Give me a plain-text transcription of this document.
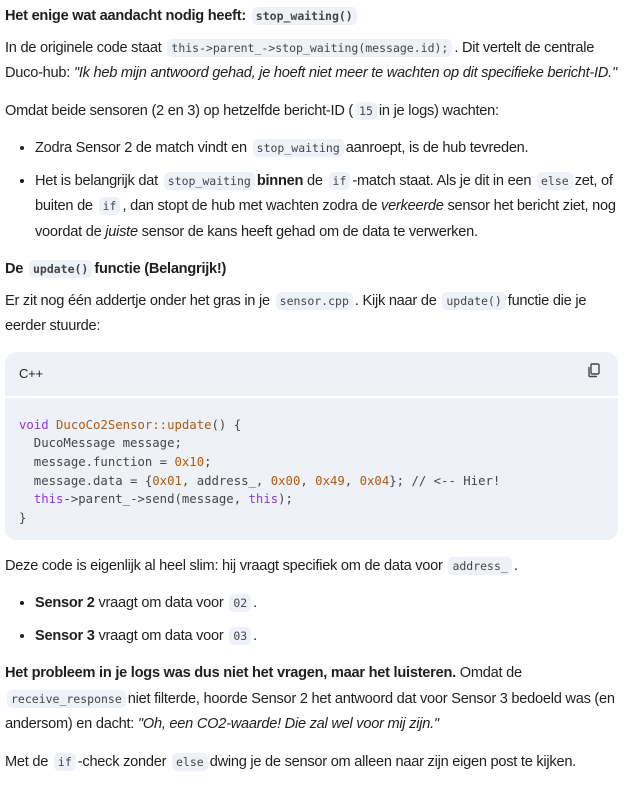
Het enige wat aandacht nodig heeft: stop_waiting()

In de originele code staat this->parent_->stop_waiting(message.id); . Dit vertelt de centrale Duco-hub: "Ik heb mijn antwoord gehad, je hoeft niet meer te wachten op dit specifieke bericht-ID."

Omdat beide sensoren (2 en 3) op hetzelfde bericht-ID ( 15 in je logs) wachten:

• Zodra Sensor 2 de match vindt en stop_waiting aanroept, is de hub tevreden.
• Het is belangrijk dat stop_waiting binnen de if -match staat. Als je dit in een else zet, of buiten de if , dan stopt de hub met wachten zodra de verkeerde sensor het bericht ziet, nog voordat de juiste sensor de kans heeft gehad om de data te verwerken.
De update() functie (Belangrijk!)

Er zit nog één addertje onder het gras in je sensor.cpp . Kijk naar de update() functie die je eerder stuurde:

C++
void DucoCo2Sensor::update() {
DucoMessage message;
message.function = 0x10;
message.data = {0x01, address_, 0x00, 0x49, 0x04}; // <-- Hier!
this->parent_->send(message, this);
}

Deze code is eigenlijk al heel slim: hij vraagt specifiek om de data voor address_ .

• Sensor 2 vraagt om data voor 02 .
• Sensor 3 vraagt om data voor 03 .

Het probleem in je logs was dus niet het vragen, maar het luisteren. Omdat de receive_response niet filterde, hoorde Sensor 2 het antwoord dat voor Sensor 3 bedoeld was (en andersom) en dacht: "Oh, een CO2-waarde! Die zal wel voor mij zijn."

Met de if -check zonder else dwing je de sensor om alleen naar zijn eigen post te kijken.
